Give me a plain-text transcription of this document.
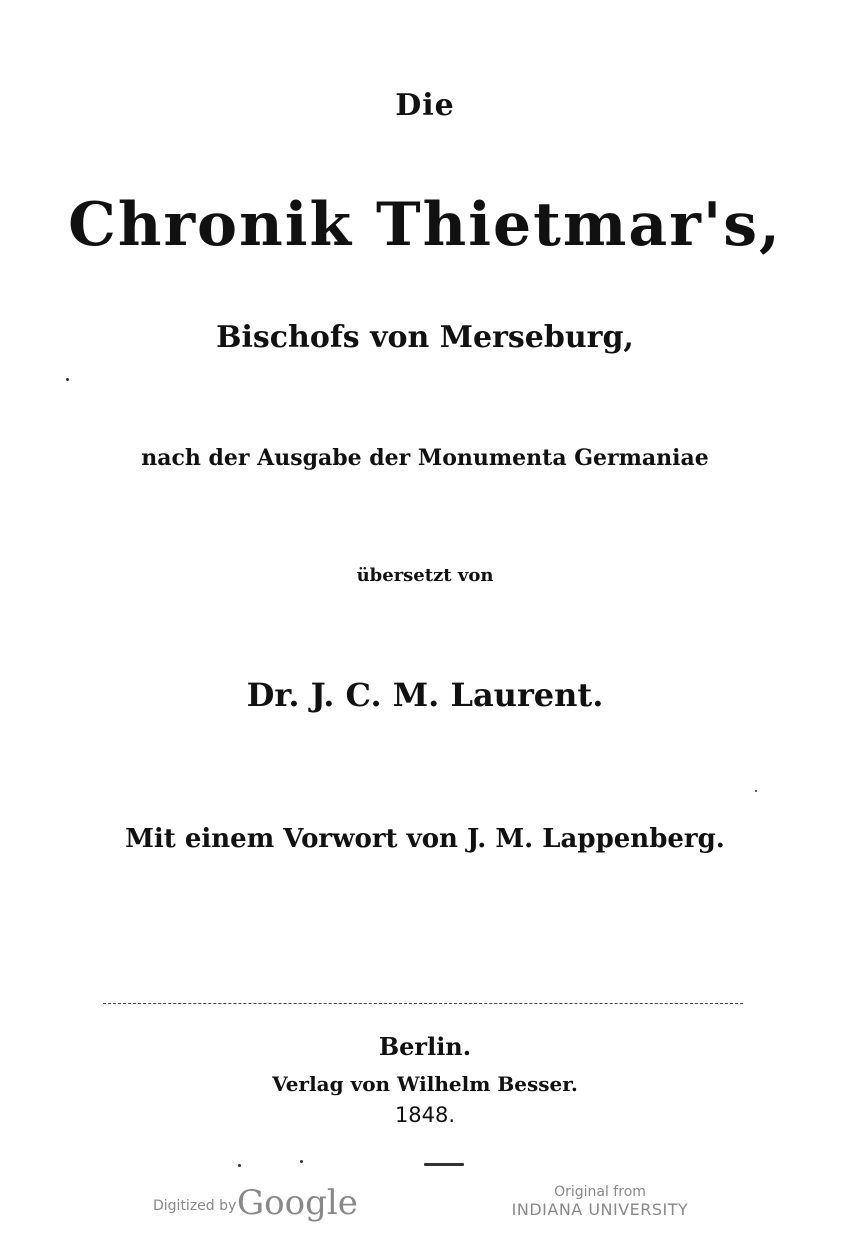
Die
Chronik Thietmar's,
Bischofs von Merseburg,
nach der Ausgabe der Monumenta Germaniae
übersetzt von
Dr. J. C. M. Laurent.
Mit einem Vorwort von J. M. Lappenberg.
Berlin.
Verlag von Wilhelm Besser.
1848.
Digitized by Google	Original from
INDIANA UNIVERSITY
